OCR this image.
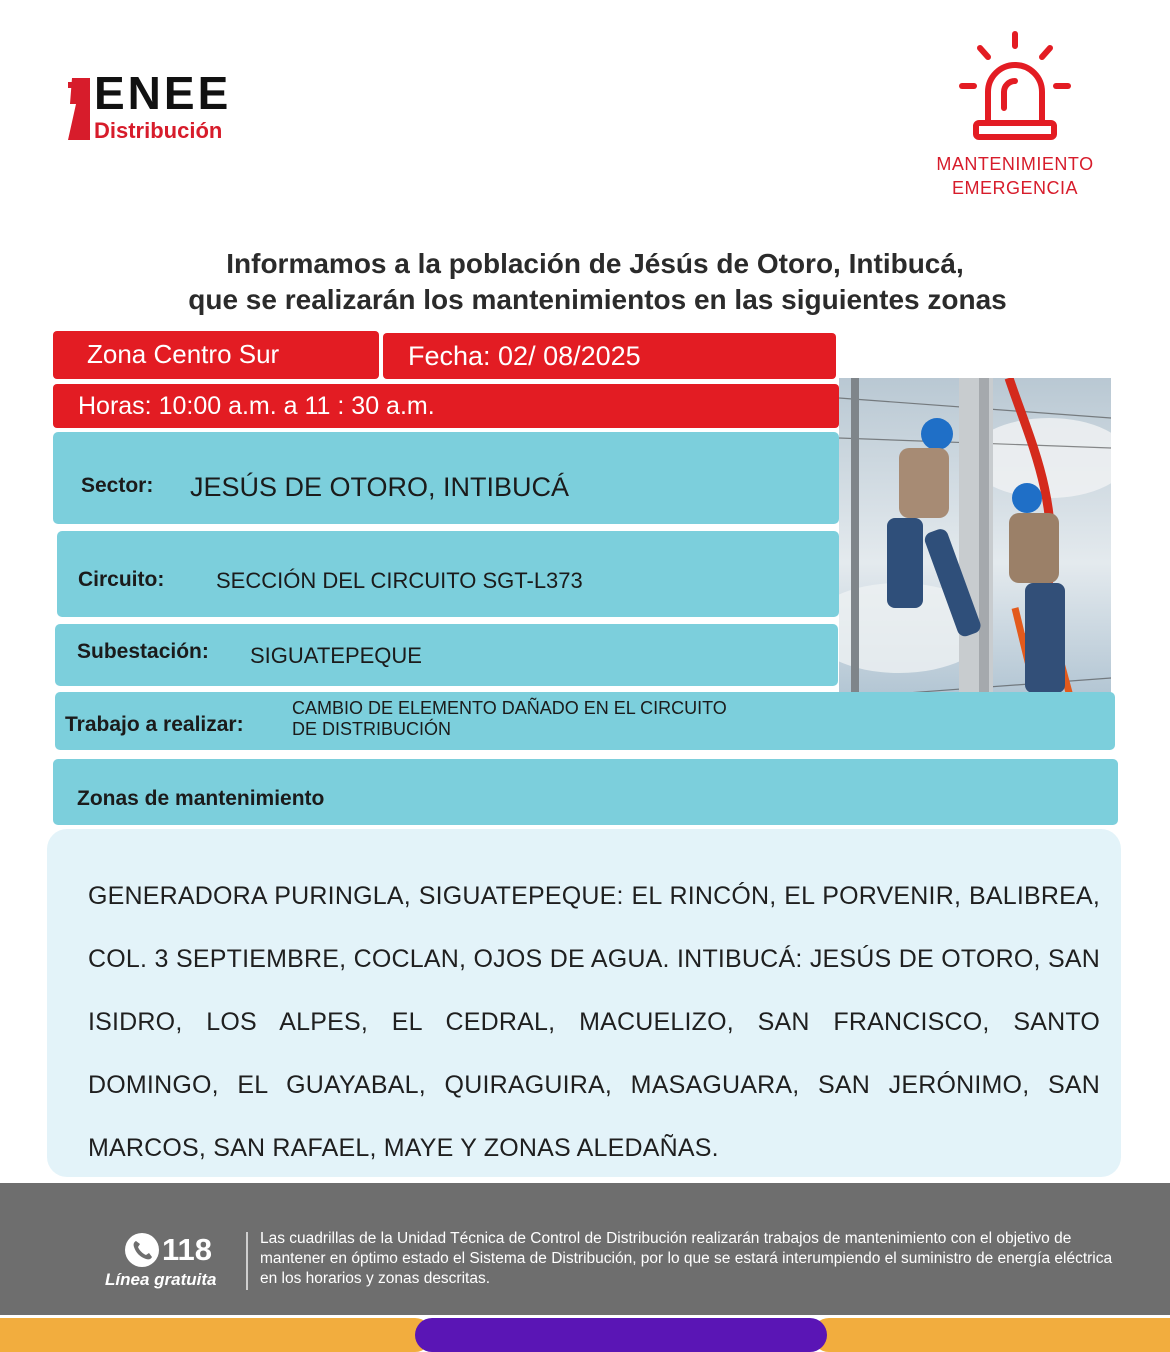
ENEE
Distribución
MANTENIMIENTO
EMERGENCIA
Informamos a la población de Jésús de Otoro, Intibucá,
que se realizarán los mantenimientos en las siguientes zonas
Zona Centro Sur	Fecha: 02/ 08/2025
Horas: 10:00 a.m. a 11 : 30 a.m.
Sector: JESÚS DE OTORO, INTIBUCÁ
Circuito: SECCIÓN DEL CIRCUITO SGT-L373
Subestación: SIGUATEPEQUE
Trabajo a realizar:
CAMBIO DE ELEMENTO DAÑADO EN EL CIRCUITO
DE DISTRIBUCIÓN
Zonas de mantenimiento
GENERADORA PURINGLA, SIGUATEPEQUE: EL RINCÓN, EL PORVENIR, BALIBREA, COL. 3 SEPTIEMBRE, COCLAN, OJOS DE AGUA. INTIBUCÁ: JESÚS DE OTORO, SAN ISIDRO, LOS ALPES, EL CEDRAL, MACUELIZO, SAN FRANCISCO, SANTO DOMINGO, EL GUAYABAL, QUIRAGUIRA, MASAGUARA, SAN JERÓNIMO, SAN MARCOS, SAN RAFAEL, MAYE Y ZONAS ALEDAÑAS.
118
Línea gratuita
Las cuadrillas de la Unidad Técnica de Control de Distribución realizarán trabajos de mantenimiento con el objetivo de mantener en óptimo estado el Sistema de Distribución, por lo que se estará interumpiendo el suministro de energía eléctrica en los horarios y zonas descritas.
